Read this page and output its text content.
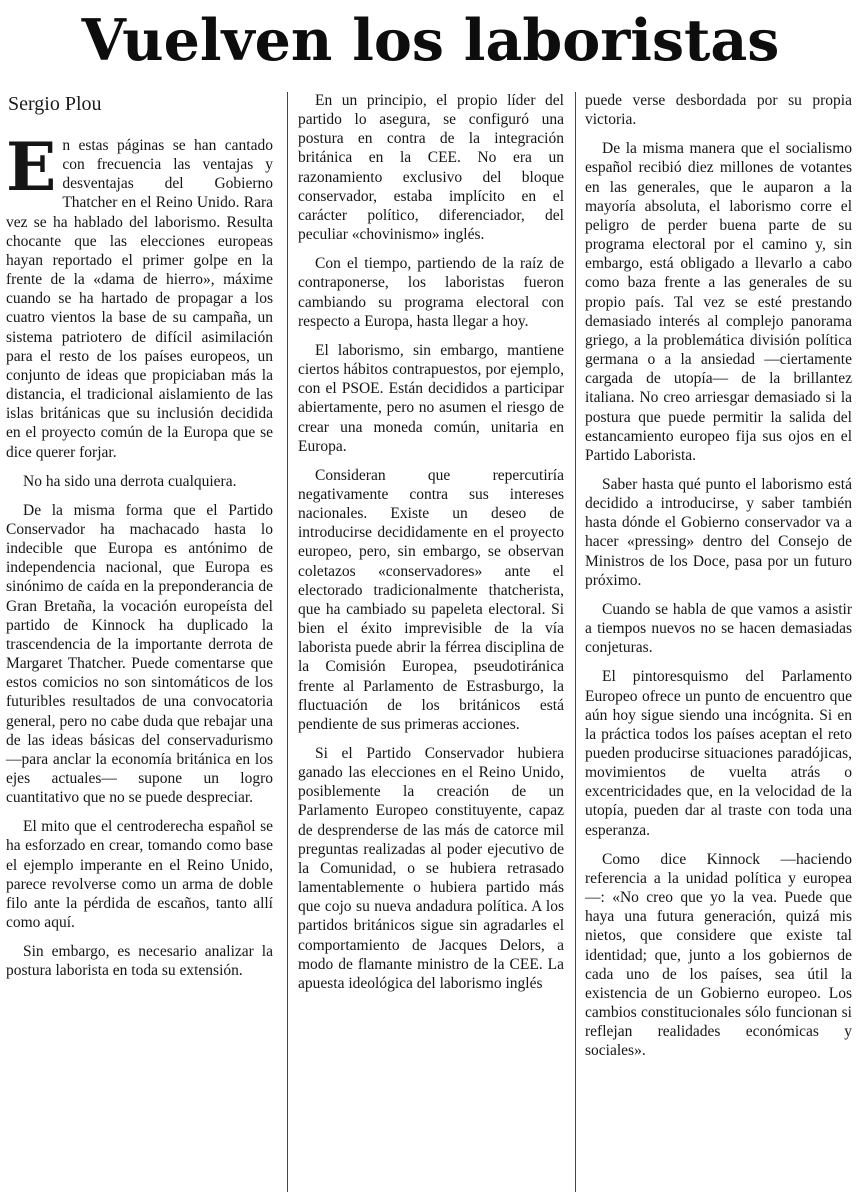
Vuelven los laboristas
Sergio Plou

En estas páginas se han cantado con frecuencia las ventajas y desventajas del Gobierno Thatcher en el Reino Unido. Rara vez se ha hablado del laborismo. Resulta chocante que las elecciones europeas hayan reportado el primer golpe en la frente de la «dama de hierro», máxime cuando se ha hartado de propagar a los cuatro vientos la base de su campaña, un sistema patriotero de difícil asimilación para el resto de los países europeos, un conjunto de ideas que propiciaban más la distancia, el tradicional aislamiento de las islas británicas que su inclusión decidida en el proyecto común de la Europa que se dice querer forjar.

No ha sido una derrota cualquiera.

De la misma forma que el Partido Conservador ha machacado hasta lo indecible que Europa es antónimo de independencia nacional, que Europa es sinónimo de caída en la preponderancia de Gran Bretaña, la vocación europeísta del partido de Kinnock ha duplicado la trascendencia de la importante derrota de Margaret Thatcher. Puede comentarse que estos comicios no son sintomáticos de los futuribles resultados de una convocatoria general, pero no cabe duda que rebajar una de las ideas básicas del conservadurismo —para anclar la economía británica en los ejes actuales— supone un logro cuantitativo que no se puede despreciar.

El mito que el centroderecha español se ha esforzado en crear, tomando como base el ejemplo imperante en el Reino Unido, parece revolverse como un arma de doble filo ante la pérdida de escaños, tanto allí como aquí.

Sin embargo, es necesario analizar la postura laborista en toda su extensión.

En un principio, el propio líder del partido lo asegura, se configuró una postura en contra de la integración británica en la CEE. No era un razonamiento exclusivo del bloque conservador, estaba implícito en el carácter político, diferenciador, del peculiar «chovinismo» inglés.

Con el tiempo, partiendo de la raíz de contraponerse, los laboristas fueron cambiando su programa electoral con respecto a Europa, hasta llegar a hoy.

El laborismo, sin embargo, mantiene ciertos hábitos contrapuestos, por ejemplo, con el PSOE. Están decididos a participar abiertamente, pero no asumen el riesgo de crear una moneda común, unitaria en Europa.

Consideran que repercutiría negativamente contra sus intereses nacionales. Existe un deseo de introducirse decididamente en el proyecto europeo, pero, sin embargo, se observan coletazos «conservadores» ante el electorado tradicionalmente thatcherista, que ha cambiado su papeleta electoral. Si bien el éxito imprevisible de la vía laborista puede abrir la férrea disciplina de la Comisión Europea, pseudotiránica frente al Parlamento de Estrasburgo, la fluctuación de los británicos está pendiente de sus primeras acciones.

Si el Partido Conservador hubiera ganado las elecciones en el Reino Unido, posiblemente la creación de un Parlamento Europeo constituyente, capaz de desprenderse de las más de catorce mil preguntas realizadas al poder ejecutivo de la Comunidad, o se hubiera retrasado lamentablemente o hubiera partido más que cojo su nueva andadura política. A los partidos británicos sigue sin agradarles el comportamiento de Jacques Delors, a modo de flamante ministro de la CEE. La apuesta ideológica del laborismo inglés

puede verse desbordada por su propia victoria.

De la misma manera que el socialismo español recibió diez millones de votantes en las generales, que le auparon a la mayoría absoluta, el laborismo corre el peligro de perder buena parte de su programa electoral por el camino y, sin embargo, está obligado a llevarlo a cabo como baza frente a las generales de su propio país. Tal vez se esté prestando demasiado interés al complejo panorama griego, a la problemática división política germana o a la ansiedad —ciertamente cargada de utopía— de la brillantez italiana. No creo arriesgar demasiado si la postura que puede permitir la salida del estancamiento europeo fija sus ojos en el Partido Laborista.

Saber hasta qué punto el laborismo está decidido a introducirse, y saber también hasta dónde el Gobierno conservador va a hacer «pressing» dentro del Consejo de Ministros de los Doce, pasa por un futuro próximo.

Cuando se habla de que vamos a asistir a tiempos nuevos no se hacen demasiadas conjeturas.

El pintoresquismo del Parlamento Europeo ofrece un punto de encuentro que aún hoy sigue siendo una incógnita. Si en la práctica todos los países aceptan el reto pueden producirse situaciones paradójicas, movimientos de vuelta atrás o excentricidades que, en la velocidad de la utopía, pueden dar al traste con toda una esperanza.

Como dice Kinnock —haciendo referencia a la unidad política y europea—: «No creo que yo la vea. Puede que haya una futura generación, quizá mis nietos, que considere que existe tal identidad; que, junto a los gobiernos de cada uno de los países, sea útil la existencia de un Gobierno europeo. Los cambios constitucionales sólo funcionan si reflejan realidades económicas y sociales».
